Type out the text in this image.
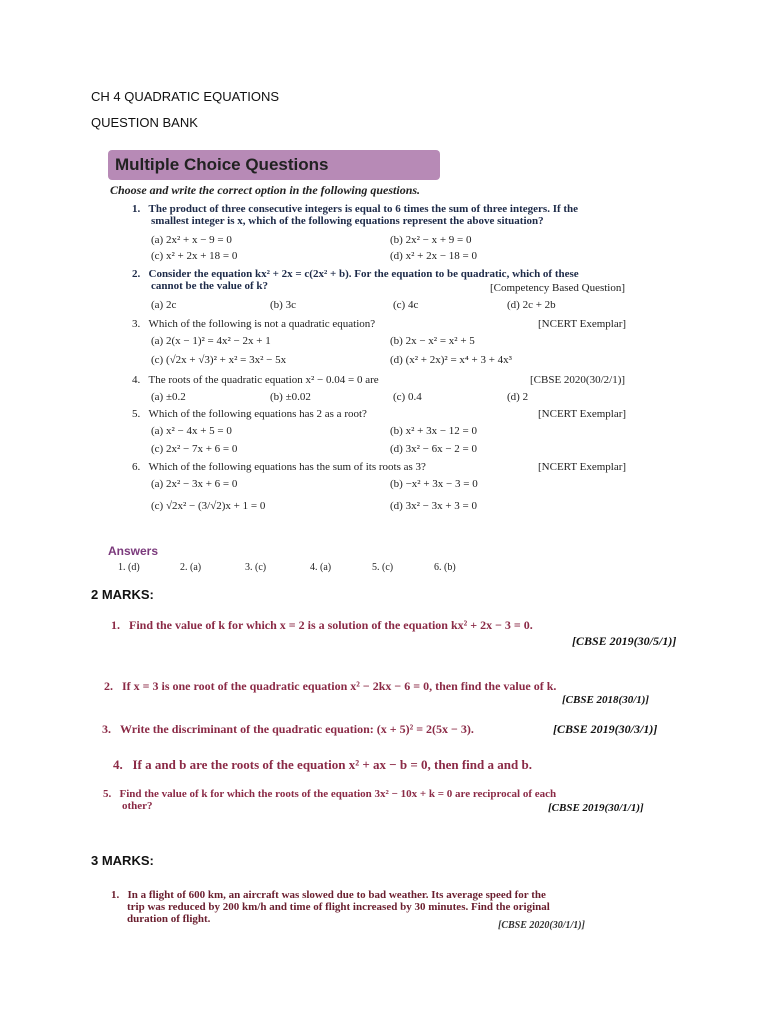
CH 4 QUADRATIC EQUATIONS
QUESTION BANK
Multiple Choice Questions
Choose and write the correct option in the following questions.
1. The product of three consecutive integers is equal to 6 times the sum of three integers. If the
smallest integer is x, which of the following equations represent the above situation?
(a) 2x² + x − 9 = 0	(b) 2x² − x + 9 = 0
(c) x² + 2x + 18 = 0	(d) x² + 2x − 18 = 0
2. Consider the equation kx² + 2x = c(2x² + b). For the equation to be quadratic, which of these
cannot be the value of k?	[Competency Based Question]
(a) 2c	(b) 3c	(c) 4c	(d) 2c + 2b
3. Which of the following is not a quadratic equation?	[NCERT Exemplar]
(a) 2(x − 1)² = 4x² − 2x + 1	(b) 2x − x² = x² + 5
(c) (√2x + √3)² + x² = 3x² − 5x	(d) (x² + 2x)² = x⁴ + 3 + 4x³
4. The roots of the quadratic equation x² − 0.04 = 0 are	[CBSE 2020(30/2/1)]
(a) ±0.2	(b) ±0.02	(c) 0.4	(d) 2
5. Which of the following equations has 2 as a root?	[NCERT Exemplar]
(a) x² − 4x + 5 = 0	(b) x² + 3x − 12 = 0
(c) 2x² − 7x + 6 = 0	(d) 3x² − 6x − 2 = 0
6. Which of the following equations has the sum of its roots as 3?	[NCERT Exemplar]
(a) 2x² − 3x + 6 = 0	(b) −x² + 3x − 3 = 0
(c) √2x² − (3/√2)x + 1 = 0	(d) 3x² − 3x + 3 = 0
Answers
1. (d)	2. (a)	3. (c)	4. (a)	5. (c)	6. (b)
2 MARKS:
1. Find the value of k for which x = 2 is a solution of the equation kx² + 2x − 3 = 0.
[CBSE 2019(30/5/1)]
2. If x = 3 is one root of the quadratic equation x² − 2kx − 6 = 0, then find the value of k.
[CBSE 2018(30/1)]
3. Write the discriminant of the quadratic equation: (x + 5)² = 2(5x − 3).	[CBSE 2019(30/3/1)]
4. If a and b are the roots of the equation x² + ax − b = 0, then find a and b.
5. Find the value of k for which the roots of the equation 3x² − 10x + k = 0 are reciprocal of each
other?	[CBSE 2019(30/1/1)]
3 MARKS:
1. In a flight of 600 km, an aircraft was slowed due to bad weather. Its average speed for the
trip was reduced by 200 km/h and time of flight increased by 30 minutes. Find the original
duration of flight.
[CBSE 2020(30/1/1)]
